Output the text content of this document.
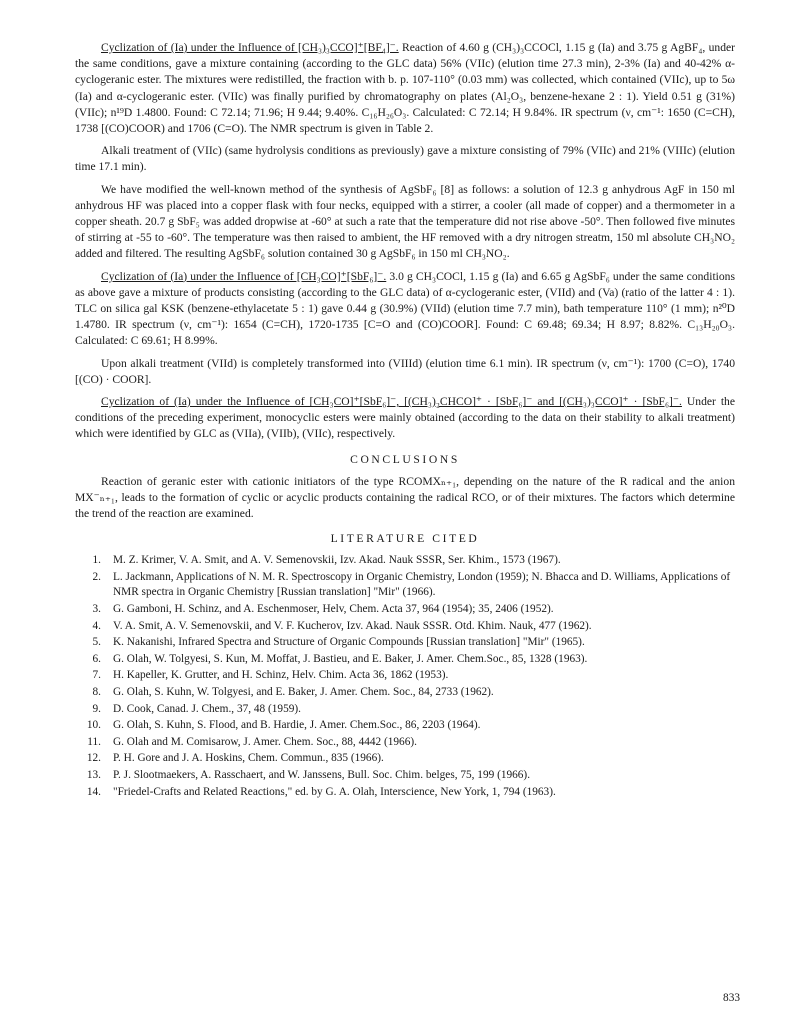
Cyclization of (Ia) under the Influence of [CH₃)₃CCO]⁺[BF₄]⁻. Reaction of 4.60 g (CH₃)₃CCOCl, 1.15 g (Ia) and 3.75 g AgBF₄, under the same conditions, gave a mixture containing (according to the GLC data) 56% (VIIc) (elution time 27.3 min), 2-3% (Ia) and 40-42% α-cyclogeranic ester. The mixtures were redistilled, the fraction with b. p. 107-110° (0.03 mm) was collected, which contained (VIIc), up to 5ω (Ia) and α-cyclogeranic ester. (VIIc) was finally purified by chromatography on plates (Al₂O₃, benzene-hexane 2 : 1). Yield 0.51 g (31%) (VIIc); n¹⁹D 1.4800. Found: C 72.14; 71.96; H 9.44; 9.40%. C₁₆H₂₆O₃. Calculated: C 72.14; H 9.84%. IR spectrum (ν, cm⁻¹: 1650 (C=CH), 1738 [(CO)COOR) and 1706 (C=O). The NMR spectrum is given in Table 2.

Alkali treatment of (VIIc) (same hydrolysis conditions as previously) gave a mixture consisting of 79% (VIIc) and 21% (VIIIc) (elution time 17.1 min).

We have modified the well-known method of the synthesis of AgSbF₆ [8] as follows: a solution of 12.3 g anhydrous AgF in 150 ml anhydrous HF was placed into a copper flask with four necks, equipped with a stirrer, a cooler (all made of copper) and a thermometer in a copper sheath. 20.7 g SbF₅ was added dropwise at -60° at such a rate that the temperature did not rise above -50°. Then followed five minutes of stirring at -55 to -60°. The temperature was then raised to ambient, the HF removed with a dry nitrogen streatm, 150 ml absolute CH₃NO₂ added and filtered. The resulting AgSbF₆ solution contained 30 g AgSbF₆ in 150 ml CH₃NO₂.

Cyclization of (Ia) under the Influence of [CH₃CO]⁺[SbF₆]⁻. 3.0 g CH₃COCl, 1.15 g (Ia) and 6.65 g AgSbF₆ under the same conditions as above gave a mixture of products consisting (according to the GLC data) of α-cyclogeranic ester, (VIId) and (Va) (ratio of the latter 4 : 1). TLC on silica gal KSK (benzene-ethylacetate 5 : 1) gave 0.44 g (30.9%) (VIId) (elution time 7.7 min), bath temperature 110° (1 mm); n²⁰D 1.4780. IR spectrum (ν, cm⁻¹): 1654 (C=CH), 1720-1735 [C=O and (CO)COOR]. Found: C 69.48; 69.34; H 8.97; 8.82%. C₁₃H₂₀O₃. Calculated: C 69.61; H 8.99%.

Upon alkali treatment (VIId) is completely transformed into (VIIId) (elution time 6.1 min). IR spectrum (ν, cm⁻¹): 1700 (C=O), 1740 [(CO) · COOR].

Cyclization of (Ia) under the Influence of [CH₃CO]⁺[SbF₆]⁻, [(CH₃)₂CHCO]⁺ · [SbF₆]⁻ and [(CH₃)₃CCO]⁺ · [SbF₆]⁻. Under the conditions of the preceding experiment, monocyclic esters were mainly obtained (according to the data on their stability to alkali treatment) which were identified by GLC as (VIIa), (VIIb), (VIIc), respectively.

CONCLUSIONS

Reaction of geranic ester with cationic initiators of the type RCOMXₙ₊₁, depending on the nature of the R radical and the anion MX⁻ₙ₊₁, leads to the formation of cyclic or acyclic products containing the radical RCO, or of their mixtures. The factors which determine the trend of the reaction are examined.

LITERATURE CITED
1.	M. Z. Krimer, V. A. Smit, and A. V. Semenovskii, Izv. Akad. Nauk SSSR, Ser. Khim., 1573 (1967).
2.	L. Jackmann, Applications of N. M. R. Spectroscopy in Organic Chemistry, London (1959); N. Bhacca and D. Williams, Applications of NMR spectra in Organic Chemistry [Russian translation] "Mir" (1966).
3.	G. Gamboni, H. Schinz, and A. Eschenmoser, Helv, Chem. Acta 37, 964 (1954); 35, 2406 (1952).
4.	V. A. Smit, A. V. Semenovskii, and V. F. Kucherov, Izv. Akad. Nauk SSSR. Otd. Khim. Nauk, 477 (1962).
5.	K. Nakanishi, Infrared Spectra and Structure of Organic Compounds [Russian translation] "Mir" (1965).
6.	G. Olah, W. Tolgyesi, S. Kun, M. Moffat, J. Bastieu, and E. Baker, J. Amer. Chem.Soc., 85, 1328 (1963).
7.	H. Kapeller, K. Grutter, and H. Schinz, Helv. Chim. Acta 36, 1862 (1953).
8.	G. Olah, S. Kuhn, W. Tolgyesi, and E. Baker, J. Amer. Chem. Soc., 84, 2733 (1962).
9.	D. Cook, Canad. J. Chem., 37, 48 (1959).
10.	G. Olah, S. Kuhn, S. Flood, and B. Hardie, J. Amer. Chem.Soc., 86, 2203 (1964).
11.	G. Olah and M. Comisarow, J. Amer. Chem. Soc., 88, 4442 (1966).
12.	P. H. Gore and J. A. Hoskins, Chem. Commun., 835 (1966).
13.	P. J. Slootmaekers, A. Rasschaert, and W. Janssens, Bull. Soc. Chim. belges, 75, 199 (1966).
14.	"Friedel-Crafts and Related Reactions," ed. by G. A. Olah, Interscience, New York, 1, 794 (1963).
833
